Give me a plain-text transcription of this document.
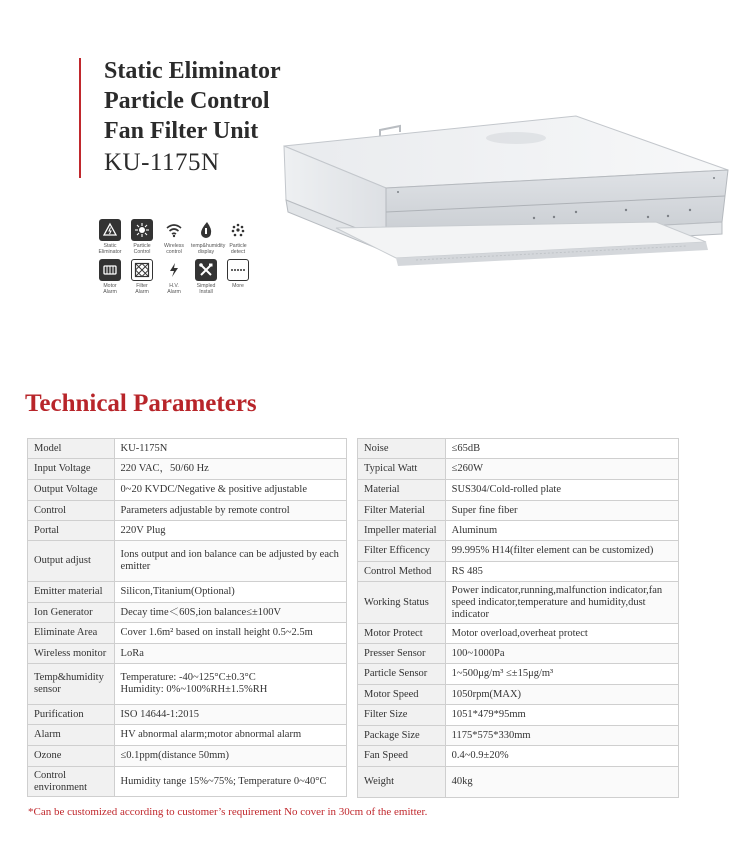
Static Eliminator
Particle Control
Fan Filter Unit
KU-1175N
Static
Eliminator
Particle
Control
Wireless
control
temp&humidity
display
Particle
detect
Motor
Alarm
Filter
Alarm
H.V.
Alarm
Simpled
Install
More
Technical Parameters
Model	KU-1175N
Input Voltage	220 VAC，50/60 Hz
Output Voltage	0~20 KVDC/Negative & positive adjustable
Control	Parameters adjustable by remote control
Portal	220V Plug
Output adjust	Ions output and ion balance can be adjusted by each emitter
Emitter material	Silicon,Titanium(Optional)
Ion Generator	Decay time＜60S,ion balance≤±100V
Eliminate Area	Cover 1.6m² based on install height 0.5~2.5m
Wireless monitor	LoRa
Temp&humidity sensor	Temperature: -40~125°C±0.3°C
Humidity: 0%~100%RH±1.5%RH
Purification	ISO 14644-1:2015
Alarm	HV abnormal alarm;motor abnormal alarm
Ozone	≤0.1ppm(distance 50mm)
Control environment	Humidity tange 15%~75%; Temperature 0~40°C
Noise	≤65dB
Typical Watt	≤260W
Material	SUS304/Cold-rolled plate
Filter Material	Super fine fiber
Impeller material	Aluminum
Filter Efficency	99.995% H14(filter element can be customized)
Control Method	RS 485
Working Status	Power indicator,running,malfunction indicator,fan speed indicator,temperature and humidity,dust indicator
Motor Protect	Motor overload,overheat protect
Presser Sensor	100~1000Pa
Particle Sensor	1~500μg/m³ ≤±15μg/m³
Motor Speed	1050rpm(MAX)
Filter Size	1051*479*95mm
Package Size	1175*575*330mm
Fan Speed	0.4~0.9±20%
Weight	40kg
*Can be customized according to customer’s requirement No cover in 30cm of the emitter.
